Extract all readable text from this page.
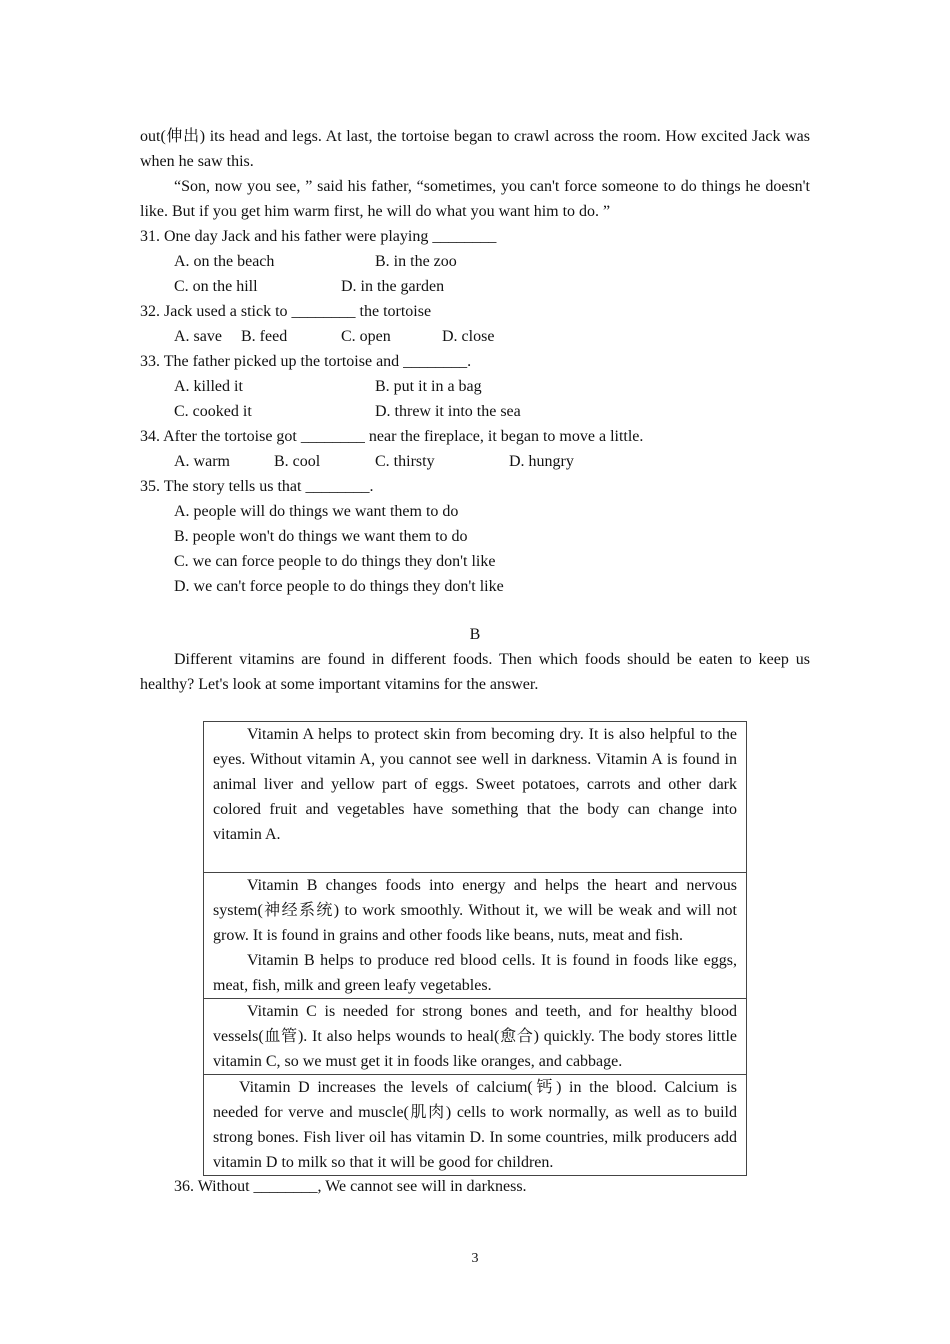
out(伸出) its head and legs. At last, the tortoise began to crawl across the room. How excited Jack was when he saw this.

“Son, now you see, ” said his father, “sometimes, you can't force someone to do things he doesn't like. But if you get him warm first, he will do what you want him to do. ”

31. One day Jack and his father were playing ________

A. on the beach	B. in the zoo
C. on the hill	D. in the garden

32. Jack used a stick to ________ the tortoise

A. save B. feed	C. open	D. close

33. The father picked up the tortoise and ________.

A. killed it	B. put it in a bag
C. cooked it	D. threw it into the sea

34. After the tortoise got ________ near the fireplace, it began to move a little.

A. warm	B. cool	C. thirsty	D. hungry

35. The story tells us that ________.

A. people will do things we want them to do
B. people won't do things we want them to do
C. we can force people to do things they don't like
D. we can't force people to do things they don't like

B

Different vitamins are found in different foods. Then which foods should be eaten to keep us healthy? Let's look at some important vitamins for the answer.

Vitamin A helps to protect skin from becoming dry. It is also helpful to the eyes. Without vitamin A, you cannot see well in darkness. Vitamin A is found in animal liver and yellow part of eggs. Sweet potatoes, carrots and other dark colored fruit and vegetables have something that the body can change into vitamin A.

Vitamin B changes foods into energy and helps the heart and nervous system(神经系统) to work smoothly. Without it, we will be weak and will not grow. It is found in grains and other foods like beans, nuts, meat and fish.

Vitamin B helps to produce red blood cells. It is found in foods like eggs, meat, fish, milk and green leafy vegetables.

Vitamin C is needed for strong bones and teeth, and for healthy blood vessels(血管). It also helps wounds to heal(愈合) quickly. The body stores little vitamin C, so we must get it in foods like oranges, and cabbage.

Vitamin D increases the levels of calcium(钙) in the blood. Calcium is needed for verve and muscle(肌肉) cells to work normally, as well as to build strong bones. Fish liver oil has vitamin D. In some countries, milk producers add vitamin D to milk so that it will be good for children.

36. Without ________, We cannot see will in darkness.

3
